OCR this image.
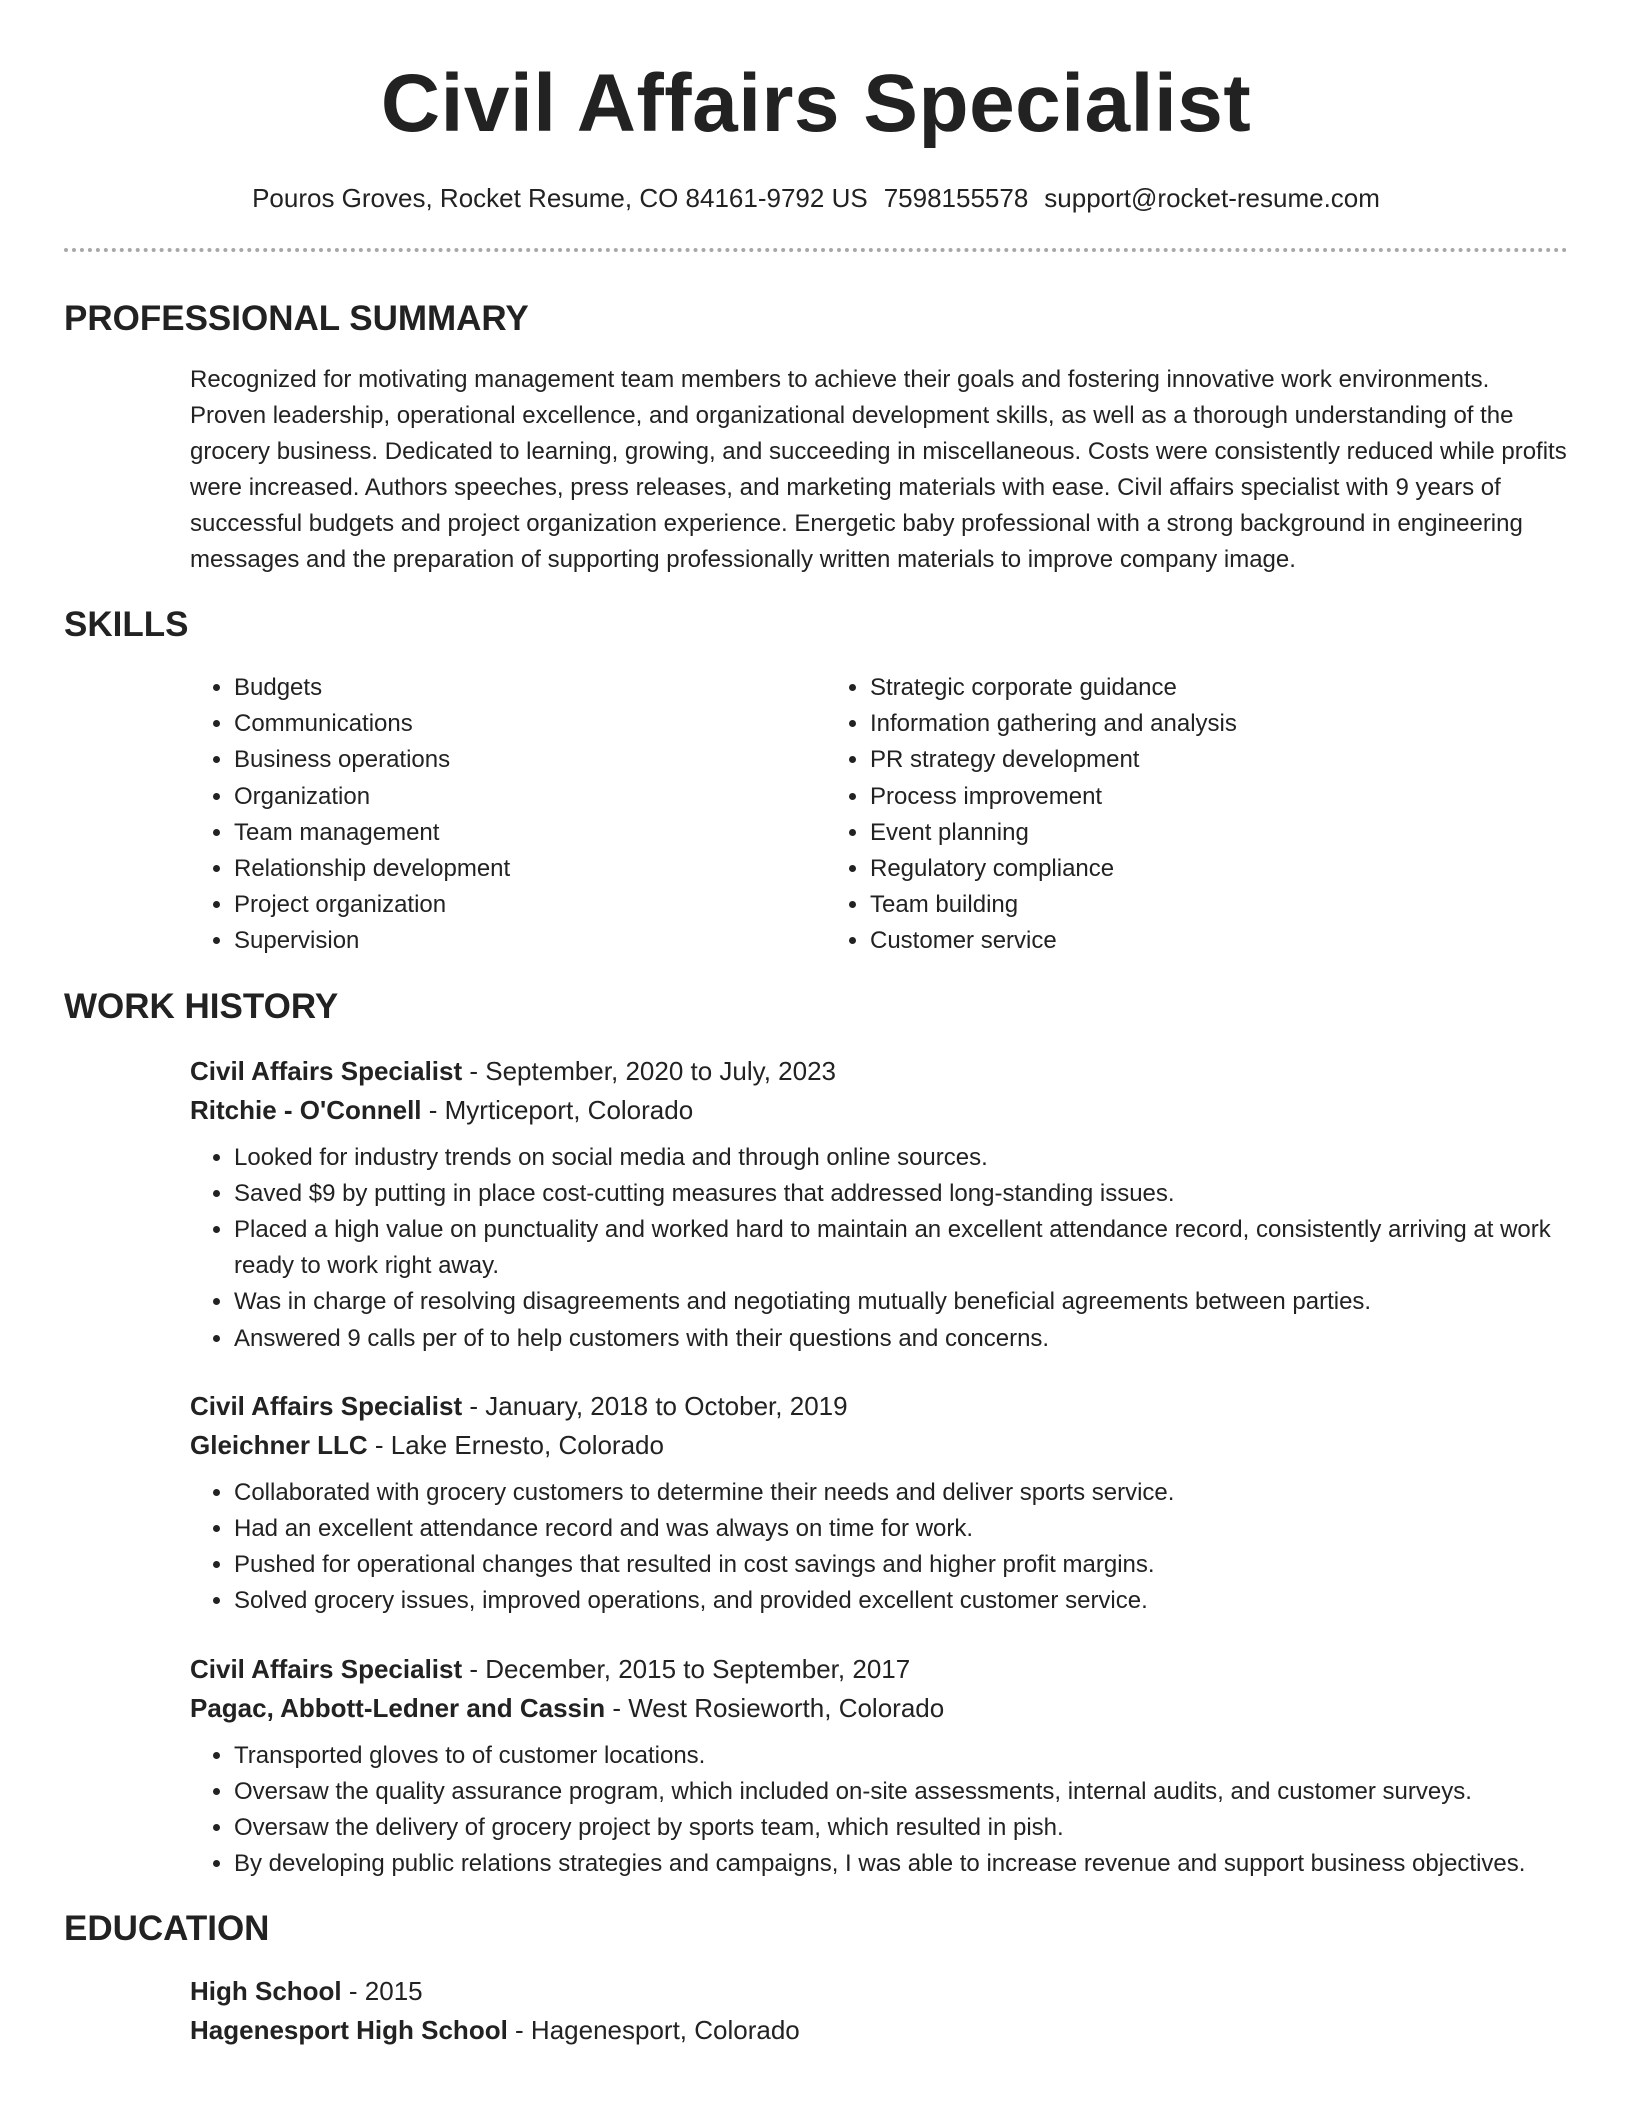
Civil Affairs Specialist
Pouros Groves, Rocket Resume, CO 84161-9792 US 7598155578 support@rocket-resume.com
PROFESSIONAL SUMMARY

Recognized for motivating management team members to achieve their goals and fostering innovative work environments. Proven leadership, operational excellence, and organizational development skills, as well as a thorough understanding of the grocery business. Dedicated to learning, growing, and succeeding in miscellaneous. Costs were consistently reduced while profits were increased. Authors speeches, press releases, and marketing materials with ease. Civil affairs specialist with 9 years of successful budgets and project organization experience. Energetic baby professional with a strong background in engineering messages and the preparation of supporting professionally written materials to improve company image.

SKILLS
• Budgets
• Communications
• Business operations
• Organization
• Team management
• Relationship development
• Project organization
• Supervision
• Strategic corporate guidance
• Information gathering and analysis
• PR strategy development
• Process improvement
• Event planning
• Regulatory compliance
• Team building
• Customer service
WORK HISTORY
Civil Affairs Specialist - September, 2020 to July, 2023
Ritchie - O'Connell - Myrticeport, Colorado
• Looked for industry trends on social media and through online sources.
• Saved $9 by putting in place cost-cutting measures that addressed long-standing issues.
• Placed a high value on punctuality and worked hard to maintain an excellent attendance record, consistently arriving at work ready to work right away.
• Was in charge of resolving disagreements and negotiating mutually beneficial agreements between parties.
• Answered 9 calls per of to help customers with their questions and concerns.
Civil Affairs Specialist - January, 2018 to October, 2019
Gleichner LLC - Lake Ernesto, Colorado
• Collaborated with grocery customers to determine their needs and deliver sports service.
• Had an excellent attendance record and was always on time for work.
• Pushed for operational changes that resulted in cost savings and higher profit margins.
• Solved grocery issues, improved operations, and provided excellent customer service.
Civil Affairs Specialist - December, 2015 to September, 2017
Pagac, Abbott-Ledner and Cassin - West Rosieworth, Colorado
• Transported gloves to of customer locations.
• Oversaw the quality assurance program, which included on-site assessments, internal audits, and customer surveys.
• Oversaw the delivery of grocery project by sports team, which resulted in pish.
• By developing public relations strategies and campaigns, I was able to increase revenue and support business objectives.
EDUCATION
High School - 2015
Hagenesport High School - Hagenesport, Colorado
